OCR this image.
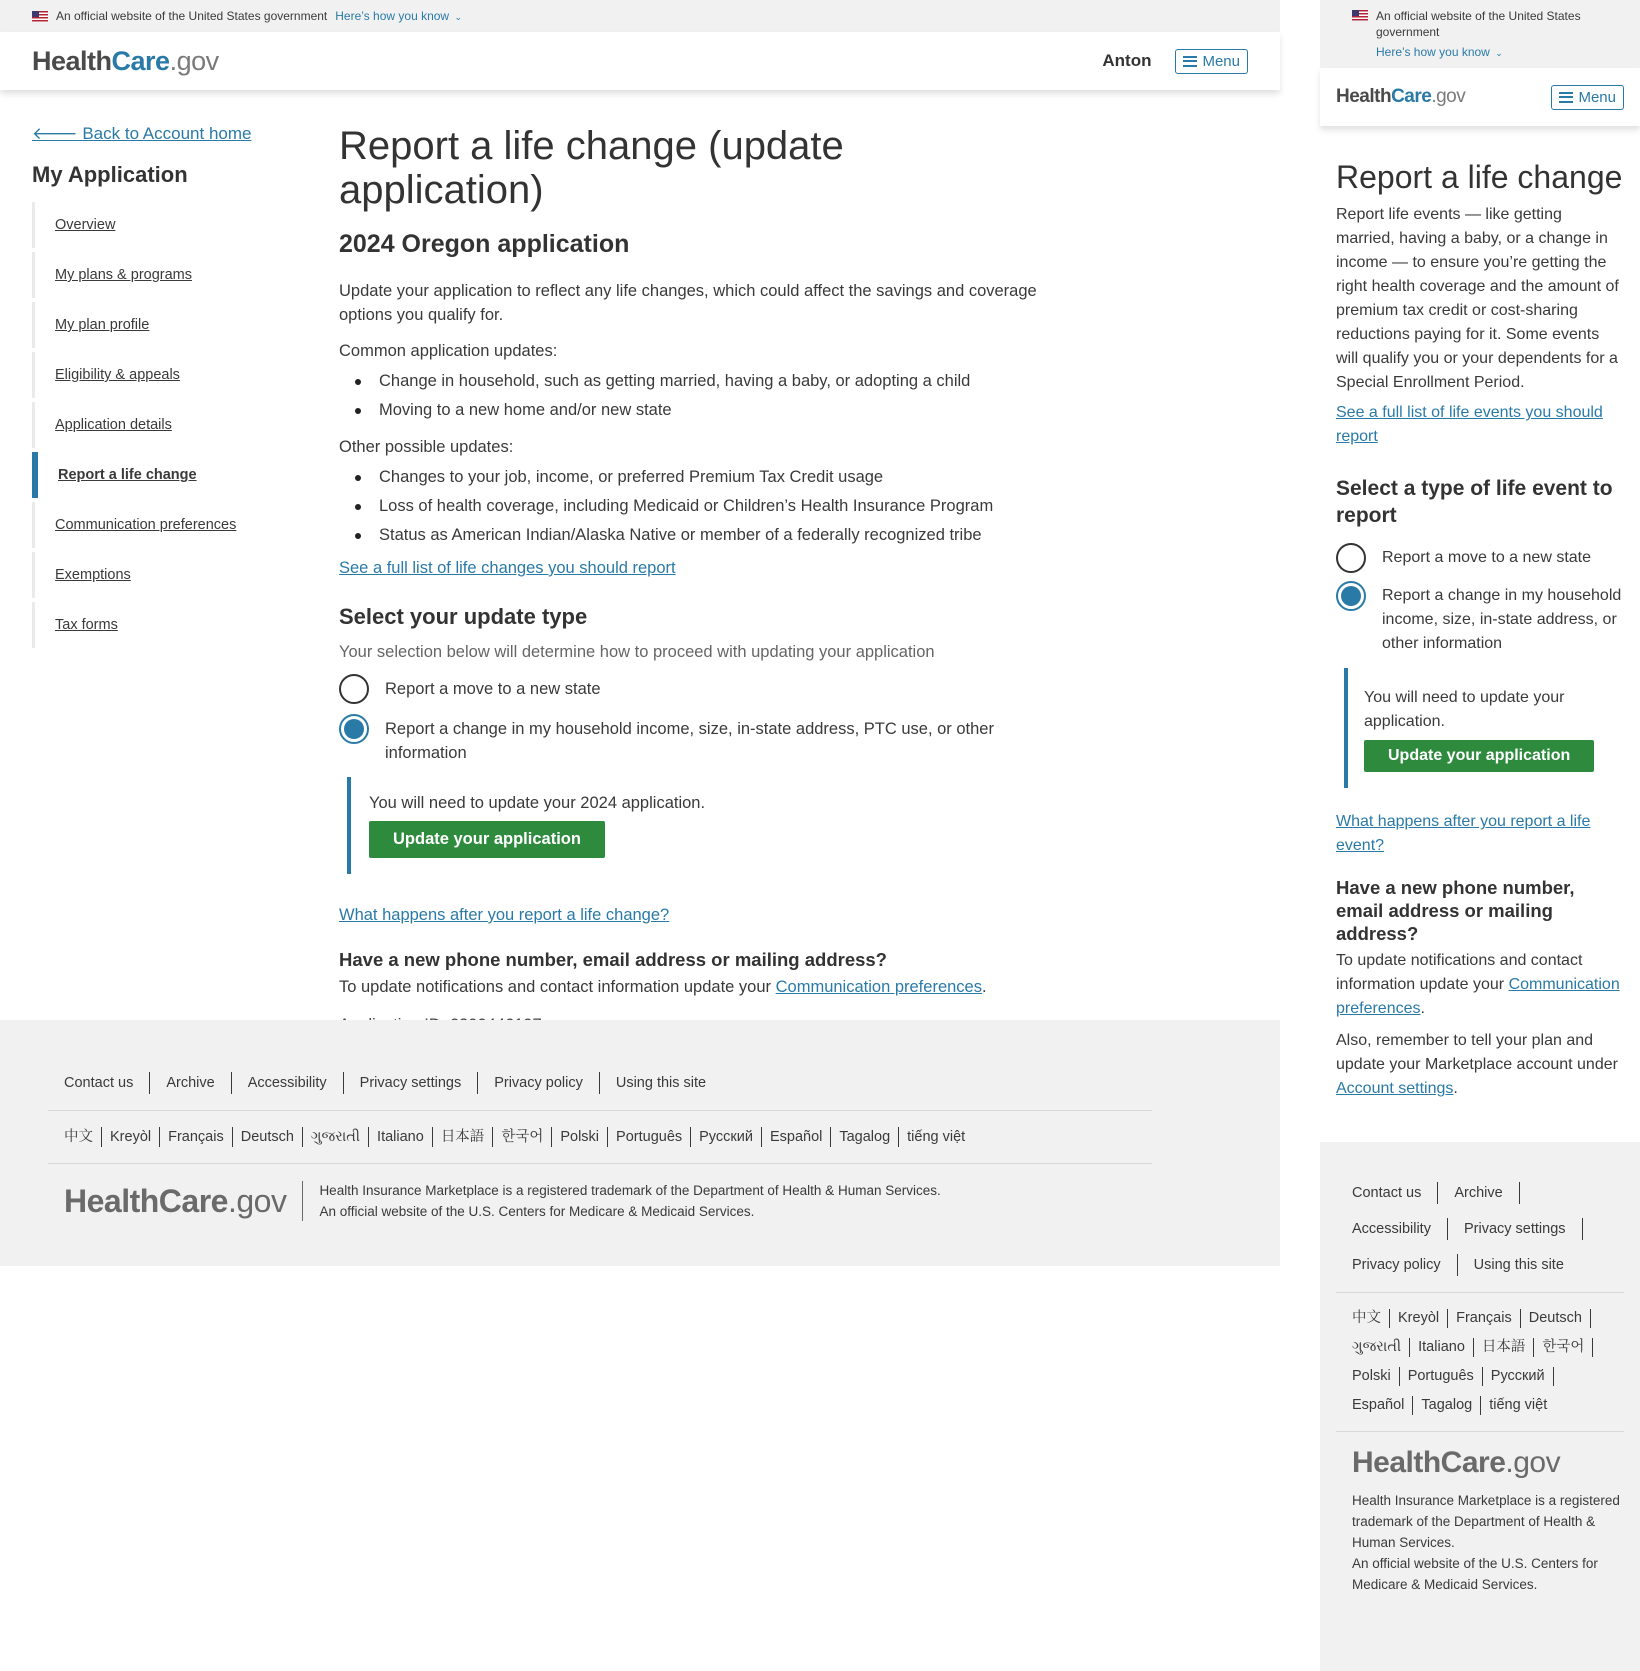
An official website of the United States government Here’s how you know ⌄
Health Care .gov	Anton	Menu
🡐 Back to Account home
My Application
Overview
My plans & programs
My plan profile
Eligibility & appeals
Application details
Report a life change
Communication preferences
Exemptions
Tax forms
Report a life change (update application)
2024 Oregon application

Update your application to reflect any life changes, which could affect the savings and coverage options you qualify for.

Common application updates:

Change in household, such as getting married, having a baby, or adopting a child
Moving to a new home and/or new state

Other possible updates:

Changes to your job, income, or preferred Premium Tax Credit usage
Loss of health coverage, including Medicaid or Children’s Health Insurance Program
Status as American Indian/Alaska Native or member of a federally recognized tribe
See a full list of life changes you should report
Select your update type

Your selection below will determine how to proceed with updating your application

Report a move to a new state
Report a change in my household income, size, in-state address, PTC use, or other information

You will need to update your 2024 application.

Update your application
What happens after you report a life change?
Have a new phone number, email address or mailing address?

To update notifications and contact information update your Communication preferences.

Contact us	Archive	Accessibility	Privacy settings	Privacy policy	Using this site
中文	Kreyòl	Français	Deutsch	ગુજરાતી	Italiano	日本語	한국어	Polski	Português	Русский	Español	Tagalog	tiếng việt
HealthCare .gov Health Insurance Marketplace is a registered trademark of the Department of Health & Human Services.
An official website of the U.S. Centers for Medicare & Medicaid Services.
An official website of the United States government
Here’s how you know ⌄
Health Care .gov	Menu
Report a life change

Report life events — like getting married, having a baby, or a change in income — to ensure you’re getting the right health coverage and the amount of premium tax credit or cost-sharing reductions paying for it. Some events will qualify you or your dependents for a Special Enrollment Period.

See a full list of life events you should report

Select a type of life event to report
Report a move to a new state
Report a change in my household income, size, in-state address, or other information

You will need to update your application.

Update your application

What happens after you report a life event?

Have a new phone number, email address or mailing address?

To update notifications and contact information update your Communication preferences.

Also, remember to tell your plan and update your Marketplace account under Account settings.

Contact us	Archive
Accessibility	Privacy settings
Privacy policy	Using this site
中文	Kreyòl	Français	Deutsch
ગુજરાતી	Italiano	日本語	한국어
Polski	Português	Русский
Español	Tagalog	tiếng việt
HealthCare.gov
Health Insurance Marketplace is a registered trademark of the Department of Health & Human Services.
An official website of the U.S. Centers for Medicare & Medicaid Services.
